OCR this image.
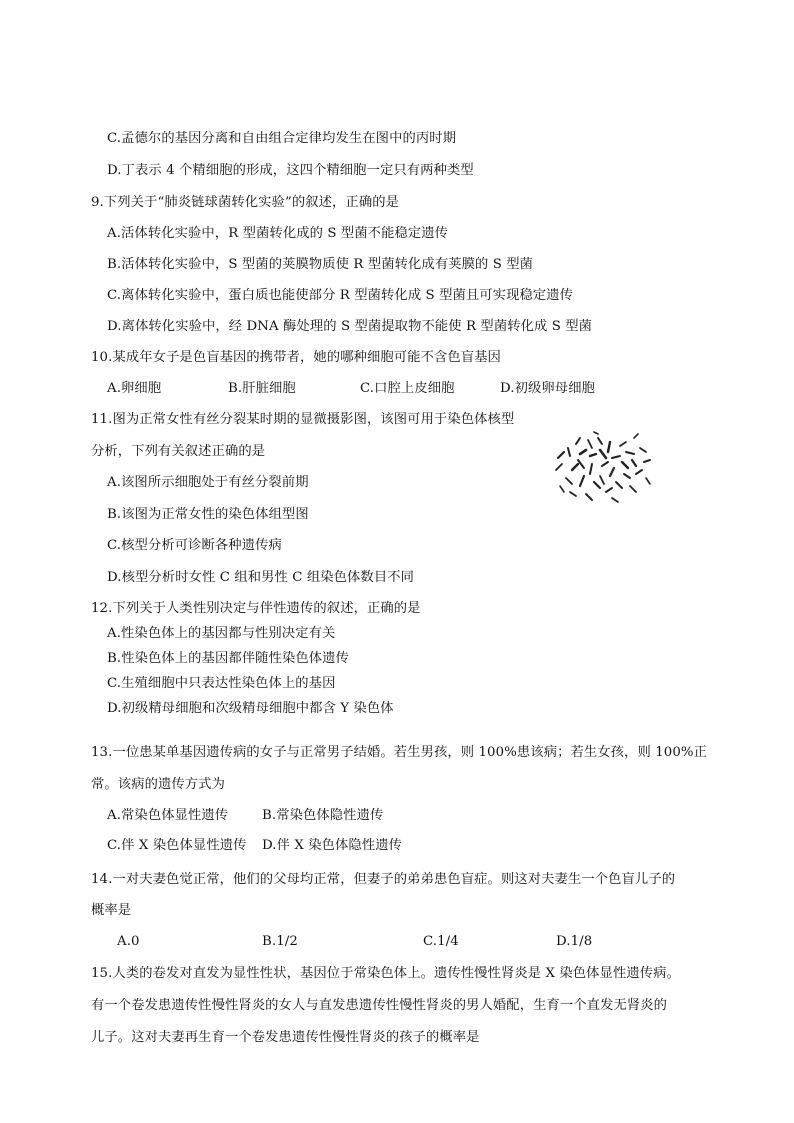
C.孟德尔的基因分离和自由组合定律均发生在图中的丙时期
D.丁表示 4 个精细胞的形成，这四个精细胞一定只有两种类型
9.下列关于“肺炎链球菌转化实验”的叙述，正确的是
A.活体转化实验中，R 型菌转化成的 S 型菌不能稳定遗传
B.活体转化实验中，S 型菌的荚膜物质使 R 型菌转化成有荚膜的 S 型菌
C.离体转化实验中，蛋白质也能使部分 R 型菌转化成 S 型菌且可实现稳定遗传
D.离体转化实验中，经 DNA 酶处理的 S 型菌提取物不能使 R 型菌转化成 S 型菌
10.某成年女子是色盲基因的携带者，她的哪种细胞可能不含色盲基因
A.卵细胞	B.肝脏细胞	C.口腔上皮细胞	D.初级卵母细胞
11.图为正常女性有丝分裂某时期的显微摄影图，该图可用于染色体核型
分析，下列有关叙述正确的是
A.该图所示细胞处于有丝分裂前期
B.该图为正常女性的染色体组型图
C.核型分析可诊断各种遗传病
D.核型分析时女性 C 组和男性 C 组染色体数目不同
12.下列关于人类性别决定与伴性遗传的叙述，正确的是
A.性染色体上的基因都与性别决定有关
B.性染色体上的基因都伴随性染色体遗传
C.生殖细胞中只表达性染色体上的基因
D.初级精母细胞和次级精母细胞中都含 Y 染色体
13.一位患某单基因遗传病的女子与正常男子结婚。若生男孩，则 100%患该病；若生女孩，则 100%正
常。该病的遗传方式为
A.常染色体显性遗传	B.常染色体隐性遗传
C.伴 X 染色体显性遗传 D.伴 X 染色体隐性遗传
14.一对夫妻色觉正常，他们的父母均正常，但妻子的弟弟患色盲症。则这对夫妻生一个色盲儿子的
概率是
A.0	B.1/2	C.1/4	D.1/8
15.人类的卷发对直发为显性性状，基因位于常染色体上。遗传性慢性肾炎是 X 染色体显性遗传病。
有一个卷发患遗传性慢性肾炎的女人与直发患遗传性慢性肾炎的男人婚配，生育一个直发无肾炎的
儿子。这对夫妻再生育一个卷发患遗传性慢性肾炎的孩子的概率是
